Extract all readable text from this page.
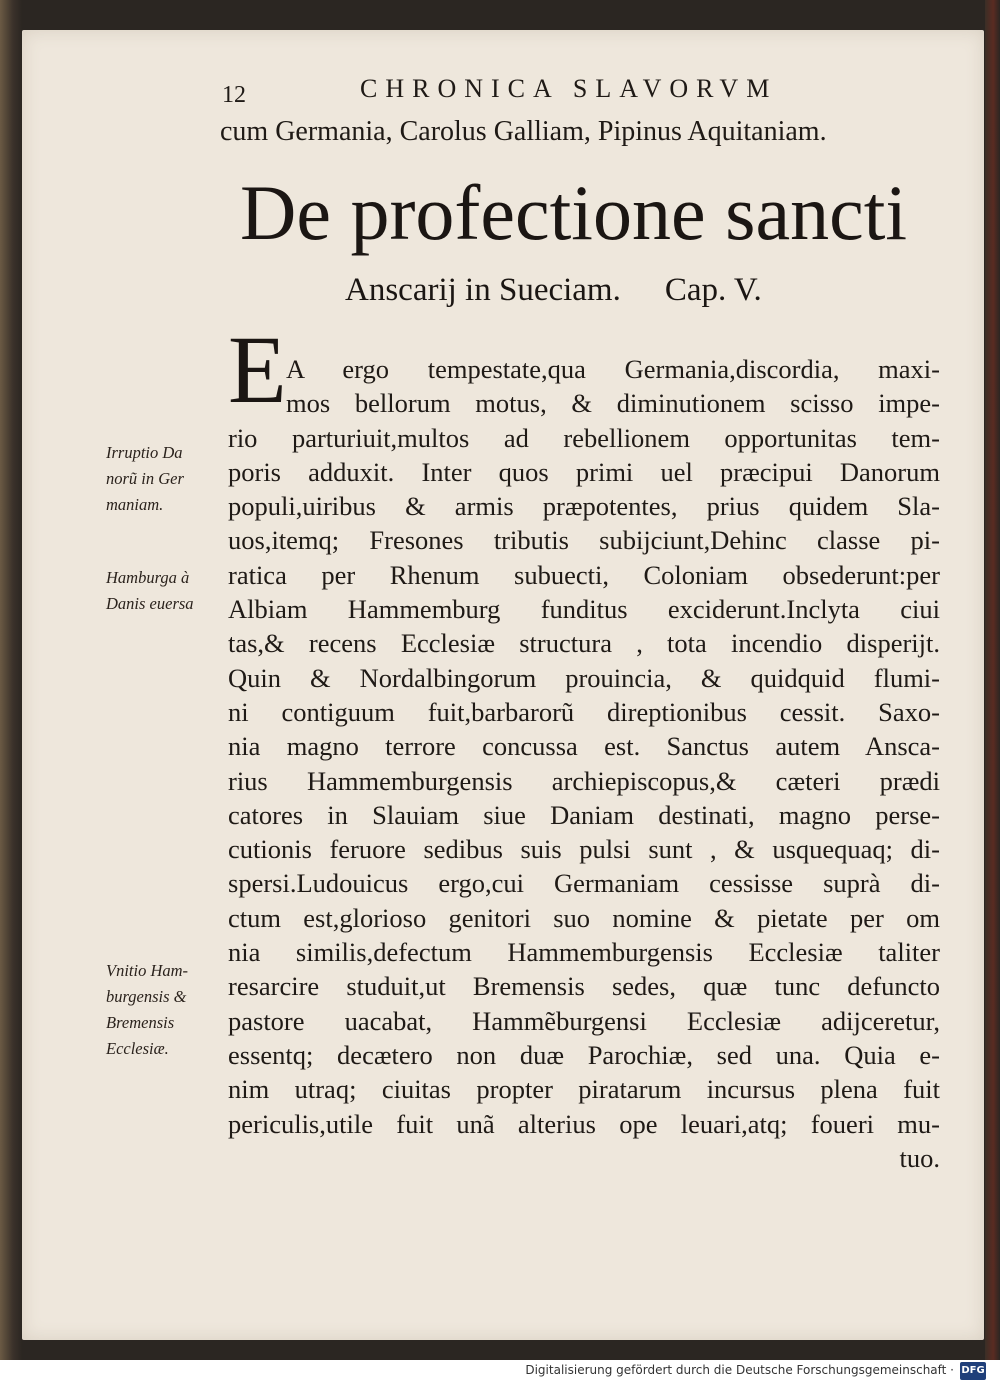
12	CHRONICA SLAVORVM
cum Germania, Carolus Galliam, Pipinus Aquitaniam.
De profectione sancti
Anscarij in Sueciam. Cap. V.
E A ergo tempestate,qua Germania,discordia, maxi-
mos bellorum motus, & diminutionem scisso impe-
rio parturiuit,multos ad rebellionem opportunitas tem-
poris adduxit. Inter quos primi uel præcipui Danorum
populi,uiribus & armis præpotentes, prius quidem Sla-
uos,itemq; Fresones tributis subijciunt,Dehinc classe pi-
ratica per Rhenum subuecti, Coloniam obsederunt:per
Albiam Hammemburg funditus exciderunt.Inclyta ciui
tas,& recens Ecclesiæ structura , tota incendio disperijt.
Quin & Nordalbingorum prouincia, & quidquid flumi-
ni contiguum fuit,barbarorũ direptionibus cessit. Saxo-
nia magno terrore concussa est. Sanctus autem Ansca-
rius Hammemburgensis archiepiscopus,& cæteri prædi
catores in Slauiam siue Daniam destinati, magno perse-
cutionis feruore sedibus suis pulsi sunt , & usquequaq; di-
spersi.Ludouicus ergo,cui Germaniam cessisse suprà di-
ctum est,glorioso genitori suo nomine & pietate per om
nia similis,defectum Hammemburgensis Ecclesiæ taliter
resarcire studuit,ut Bremensis sedes, quæ tunc defuncto
pastore uacabat, Hammẽburgensi Ecclesiæ adijceretur,
essentq; decætero non duæ Parochiæ, sed una. Quia e-
nim utraq; ciuitas propter piratarum incursus plena fuit
periculis,utile fuit unã alterius ope leuari,atq; foueri mu-
tuo.
Irruptio Da
norũ in Ger
maniam.
Hamburga à
Danis euersa
Vnitio Ham-
burgensis &
Bremensis
Ecclesiæ.
Digitalisierung gefördert durch die Deutsche Forschungsgemeinschaft · DFG
